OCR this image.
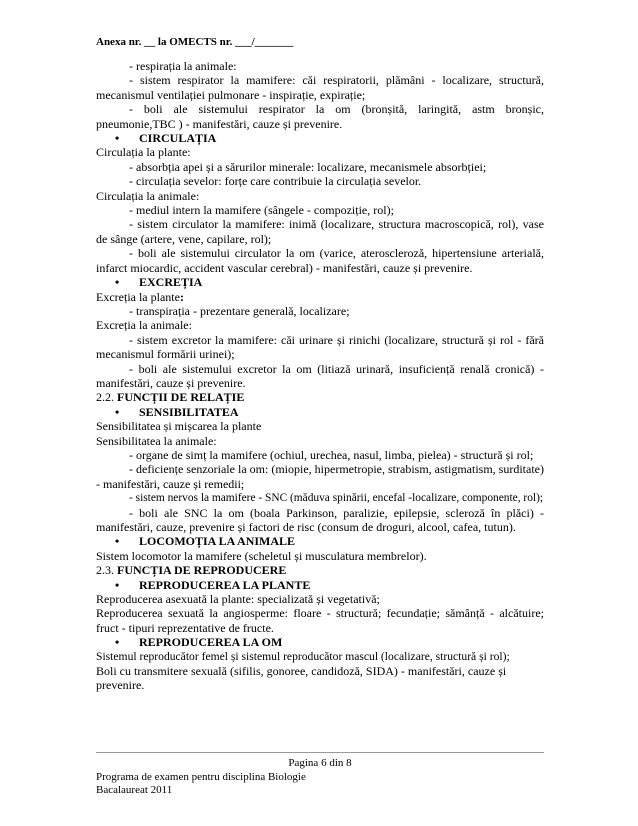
Anexa nr. __ la OMECTS nr. ___/_______
- respirația la animale:
- sistem respirator la mamifere: căi respiratorii, plămâni - localizare, structură, mecanismul ventilației pulmonare - inspirație, expirație;
- boli ale sistemului respirator la om (bronșită, laringită, astm bronșic, pneumonie,TBC ) - manifestări, cauze și prevenire.
• CIRCULAȚIA
Circulația la plante:
- absorbția apei și a sărurilor minerale: localizare, mecanismele absorbției;
- circulația sevelor: forțe care contribuie la circulația sevelor.
Circulația la animale:
- mediul intern la mamifere (sângele - compoziție, rol);
- sistem circulator la mamifere: inimă (localizare, structura macroscopică, rol), vase de sânge (artere, vene, capilare, rol);
- boli ale sistemului circulator la om (varice, ateroscleroză, hipertensiune arterială, infarct miocardic, accident vascular cerebral) - manifestări, cauze și prevenire.
• EXCREȚIA
Excreția la plante:
- transpirația - prezentare generală, localizare;
Excreția la animale:
- sistem excretor la mamifere: căi urinare și rinichi (localizare, structură și rol - fără mecanismul formării urinei);
- boli ale sistemului excretor la om (litiază urinară, insuficiență renală cronică) - manifestări, cauze și prevenire.
2.2. FUNCȚII DE RELAȚIE
• SENSIBILITATEA
Sensibilitatea și mișcarea la plante
Sensibilitatea la animale:
- organe de simț la mamifere (ochiul, urechea, nasul, limba, pielea) - structură și rol;
- deficiențe senzoriale la om: (miopie, hipermetropie, strabism, astigmatism, surditate) - manifestări, cauze și remedii;
- sistem nervos la mamifere - SNC (măduva spinării, encefal -localizare, componente, rol);
- boli ale SNC la om (boala Parkinson, paralizie, epilepsie, scleroză în plăci) - manifestări, cauze, prevenire și factori de risc (consum de droguri, alcool, cafea, tutun).
• LOCOMOȚIA LA ANIMALE
Sistem locomotor la mamifere (scheletul și musculatura membrelor).
2.3. FUNCȚIA DE REPRODUCERE
• REPRODUCEREA LA PLANTE
Reproducerea asexuată la plante: specializată și vegetativă;
Reproducerea sexuată la angiosperme: floare - structură; fecundație; sămânță - alcătuire; fruct - tipuri reprezentative de fructe.
• REPRODUCEREA LA OM
Sistemul reproducător femel și sistemul reproducător mascul (localizare, structură și rol);
Boli cu transmitere sexuală (sifilis, gonoree, candidoză, SIDA) - manifestări, cauze și prevenire.
Pagina 6 din 8
Programa de examen pentru disciplina Biologie
Bacalaureat 2011
